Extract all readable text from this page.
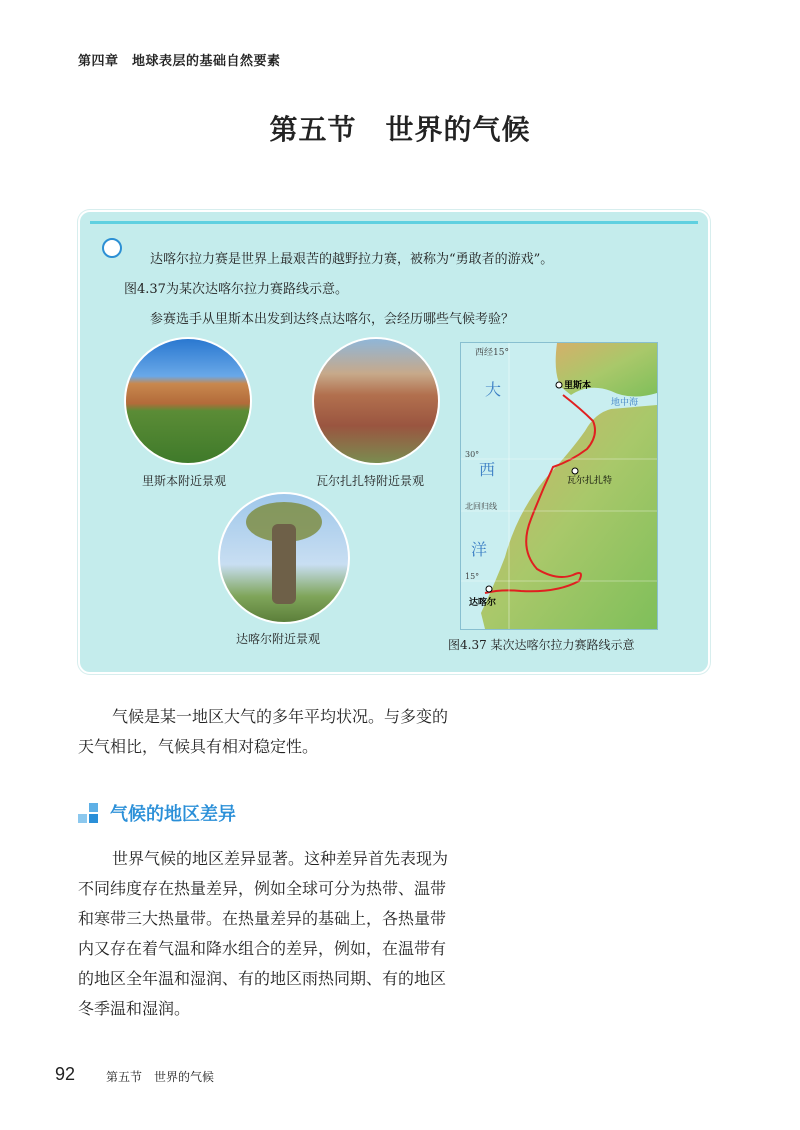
第四章　地球表层的基础自然要素
第五节　世界的气候
达喀尔拉力赛是世界上最艰苦的越野拉力赛，被称为“勇敢者的游戏”。
图4.37为某次达喀尔拉力赛路线示意。
参赛选手从里斯本出发到达终点达喀尔，会经历哪些气候考验？
里斯本附近景观	瓦尔扎扎特附近景观
达喀尔附近景观
西经15°
30°
北回归线
15°
大
西
洋
地中海
里斯本
瓦尔扎扎特
达喀尔
图4.37 某次达喀尔拉力赛路线示意
气候是某一地区大气的多年平均状况。与多变的
天气相比，气候具有相对稳定性。
气候的地区差异
世界气候的地区差异显著。这种差异首先表现为
不同纬度存在热量差异，例如全球可分为热带、温带
和寒带三大热量带。在热量差异的基础上，各热量带
内又存在着气温和降水组合的差异，例如，在温带有
的地区全年温和湿润、有的地区雨热同期、有的地区
冬季温和湿润。
92	第五节　世界的气候
